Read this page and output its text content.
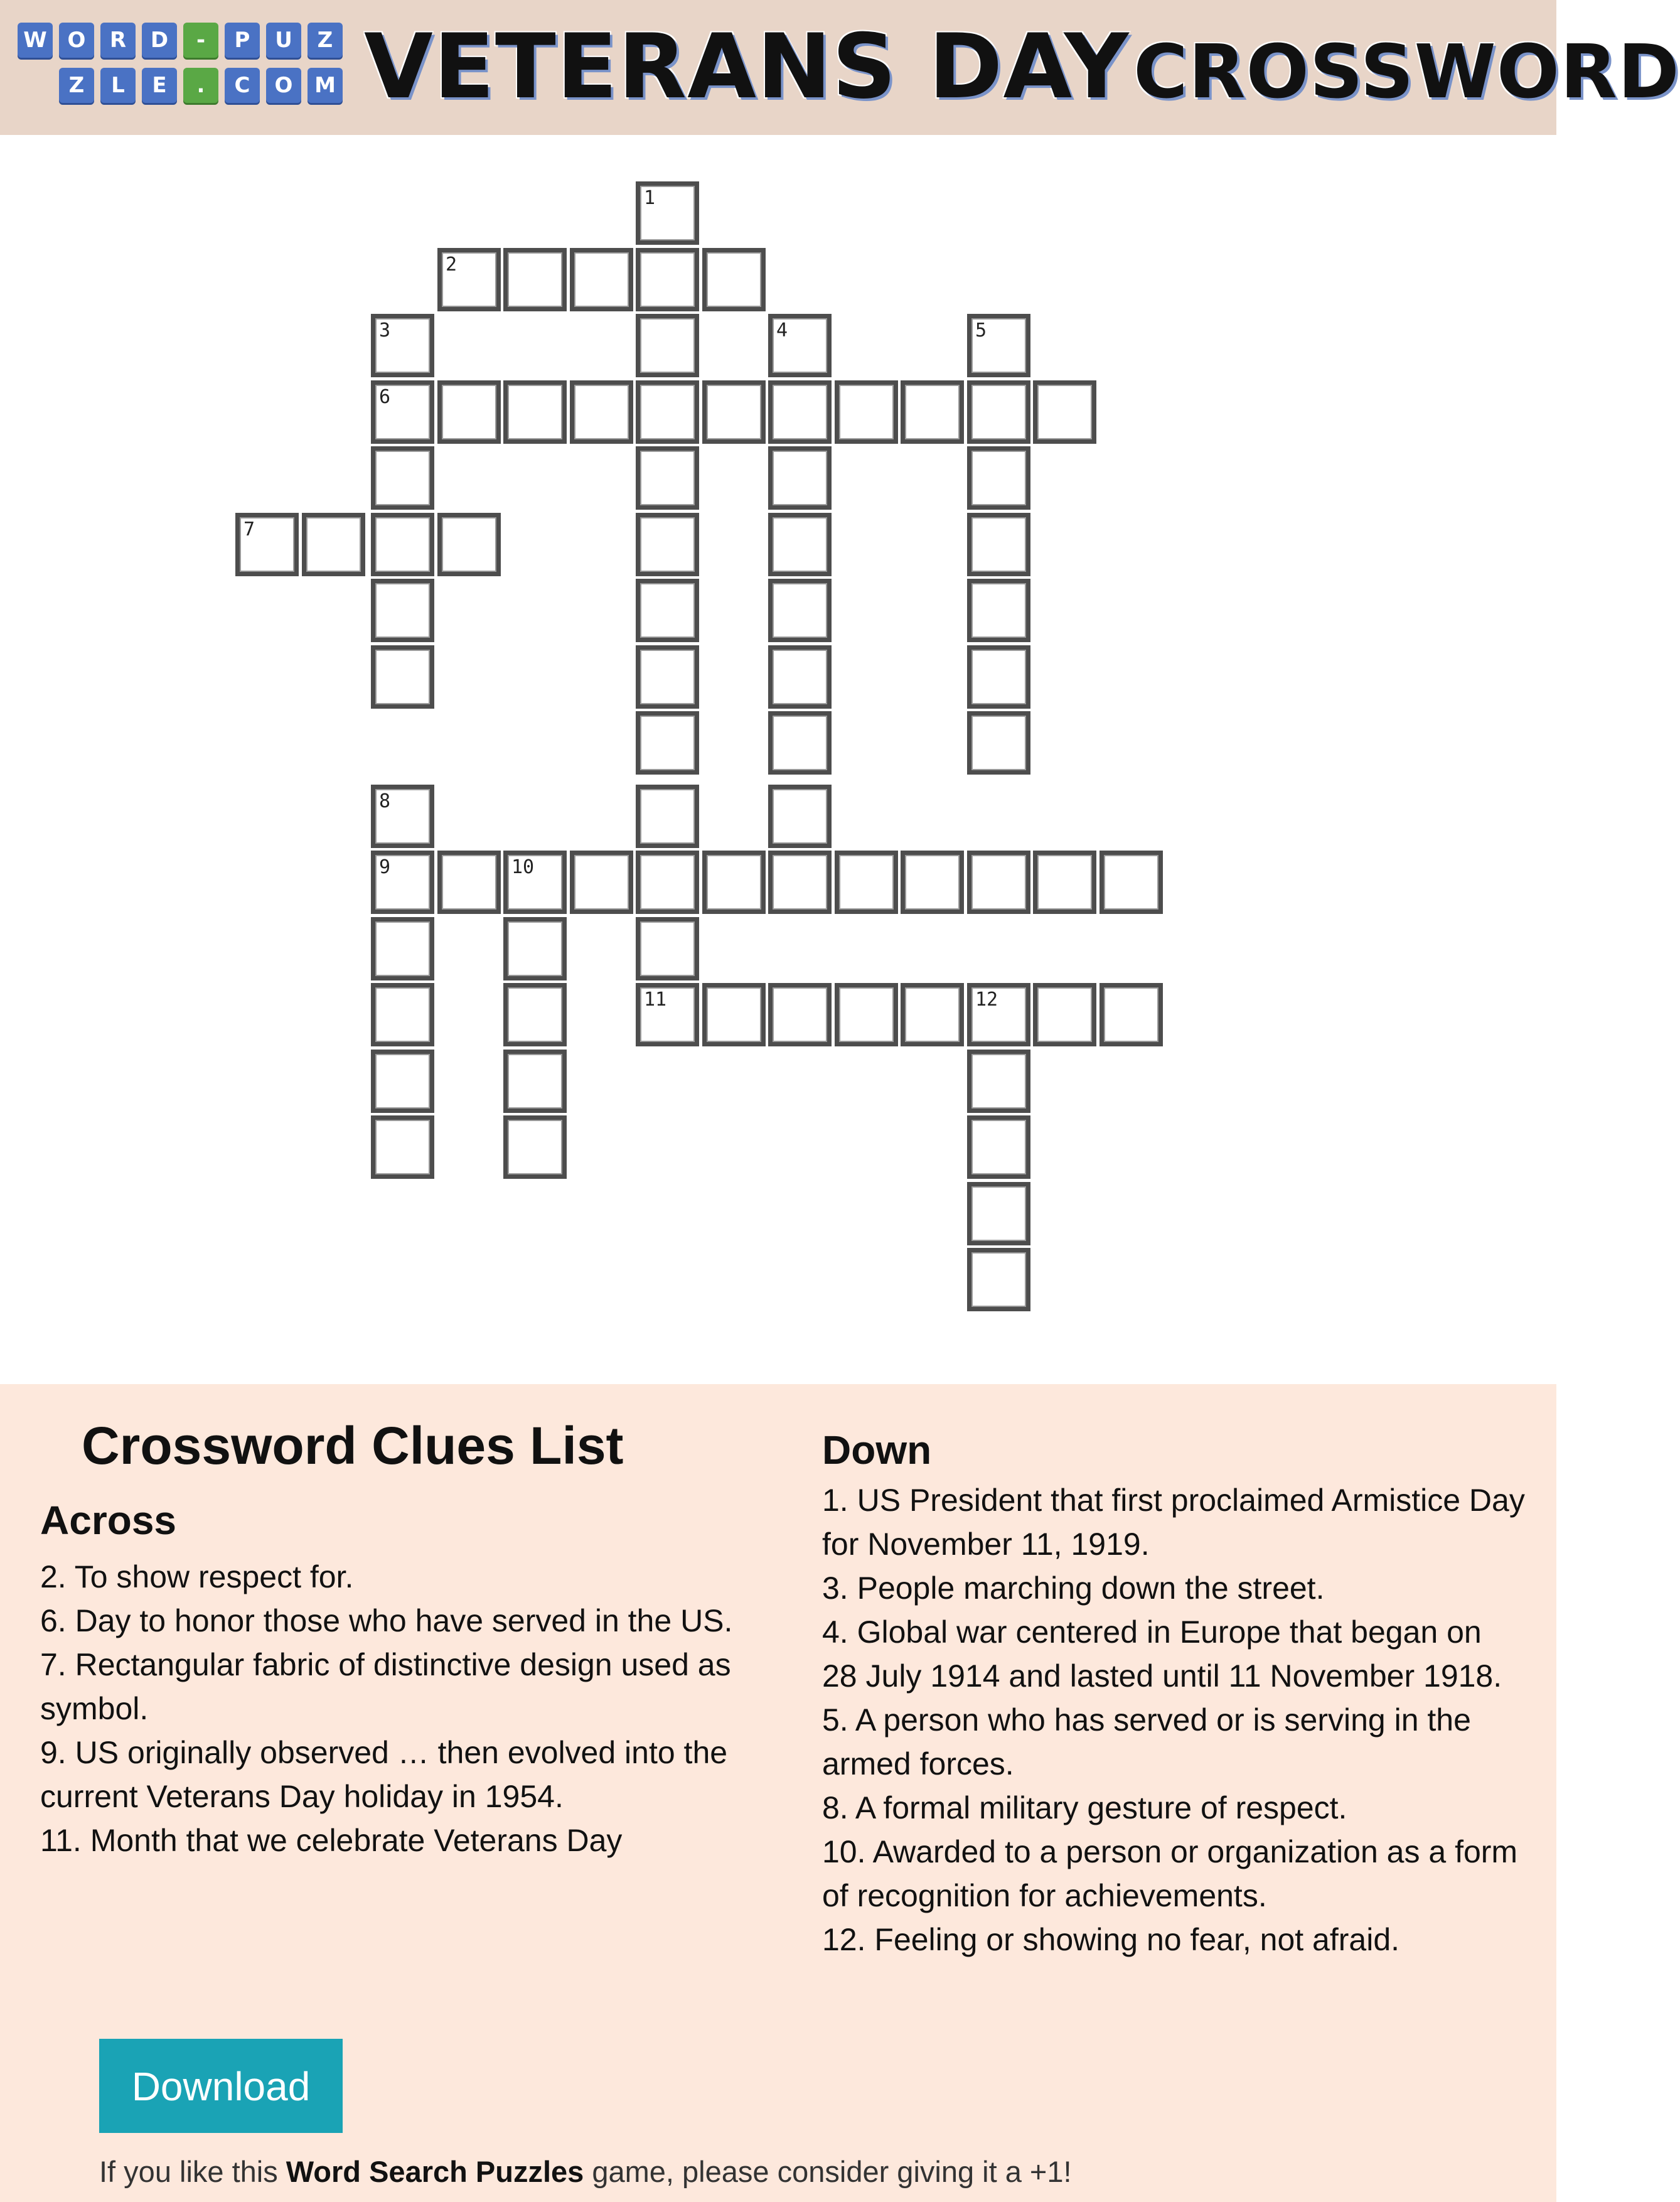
W O	R	D	-	P	U	Z
Z	L	E	.	C	O	M VETERANS DAY CROSSWORD
1
2
3	4	5
6
7
8
9	10
11	12
Crossword Clues List
Across
2. To show respect for.
6. Day to honor those who have served in the US.
7. Rectangular fabric of distinctive design used as symbol.
9. US originally observed … then evolved into the current Veterans Day holiday in 1954.
11. Month that we celebrate Veterans Day
Down
1. US President that first proclaimed Armistice Day for November 11, 1919.
3. People marching down the street.
4. Global war centered in Europe that began on 28 July 1914 and lasted until 11 November 1918.
5. A person who has served or is serving in the armed forces.
8. A formal military gesture of respect.
10. Awarded to a person or organization as a form of recognition for achievements.
12. Feeling or showing no fear, not afraid.
Download
If you like this Word Search Puzzles game, please consider giving it a +1!
